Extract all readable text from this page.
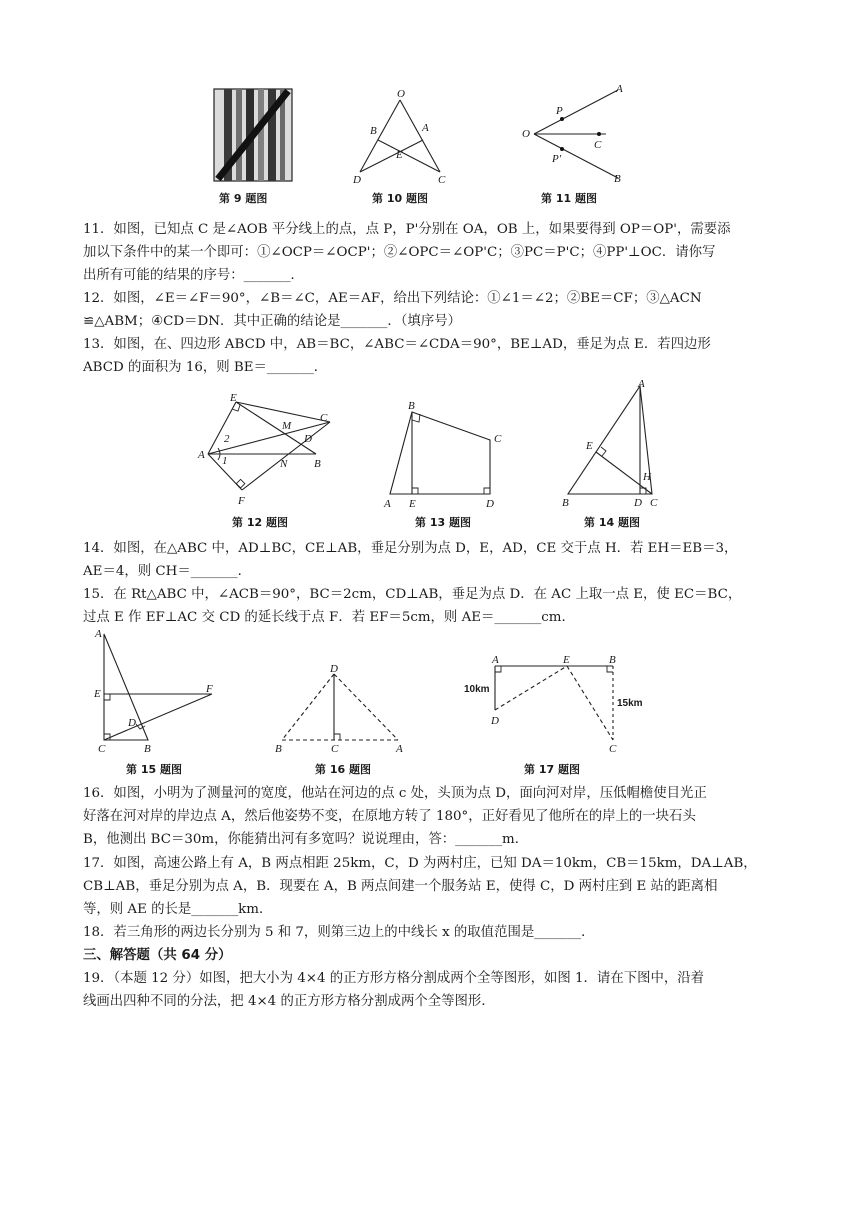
第 9 题图
O
B	A
E
D	C
第 10 题图
A
P
O
C
P'
B
第 11 题图
11．如图，已知点 C 是∠AOB 平分线上的点，点 P，P'分别在 OA，OB 上，如果要得到 OP＝OP'，需要添
加以下条件中的某一个即可：①∠OCP＝∠OCP'；②∠OPC＝∠OP'C；③PC＝P'C；④PP'⊥OC．请你写
出所有可能的结果的序号：_______．
12．如图，∠E＝∠F＝90°，∠B＝∠C，AE＝AF，给出下列结论：①∠1＝∠2；②BE＝CF；③△ACN
≌△ABM；④CD＝DN．其中正确的结论是_______．（填序号）
13．如图，在、四边形 ABCD 中，AB＝BC，∠ABC＝∠CDA＝90°，BE⊥AD，垂足为点 E．若四边形
ABCD 的面积为 16，则 BE＝_______．
E
M
C
2	D
A 1	N B
F
第 12 题图
B
C
A E	D
第 13 题图
A
E
H
B	D C
第 14 题图
14．如图，在△ABC 中，AD⊥BC，CE⊥AB，垂足分别为点 D，E，AD，CE 交于点 H．若 EH＝EB＝3，
AE＝4，则 CH＝_______．
15．在 Rt△ABC 中，∠ACB＝90°，BC＝2cm，CD⊥AB，垂足为点 D．在 AC 上取一点 E，使 EC＝BC，
过点 E 作 EF⊥AC 交 CD 的延长线于点 F．若 EF＝5cm，则 AE＝_______cm．
A
E	F
D
C	B
第 15 题图
D
B	C	A
第 16 题图
A	E	B
D
C
10km
15km
第 17 题图
16．如图，小明为了测量河的宽度，他站在河边的点 c 处，头顶为点 D，面向河对岸，压低帽檐使目光正
好落在河对岸的岸边点 A，然后他姿势不变，在原地方转了 180°，正好看见了他所在的岸上的一块石头
B，他测出 BC＝30m，你能猜出河有多宽吗？说说理由，答：_______m．
17．如图，高速公路上有 A，B 两点相距 25km，C，D 为两村庄，已知 DA＝10km，CB＝15km，DA⊥AB，
CB⊥AB，垂足分别为点 A，B．现要在 A，B 两点间建一个服务站 E，使得 C，D 两村庄到 E 站的距离相
等，则 AE 的长是_______km．
18．若三角形的两边长分别为 5 和 7，则第三边上的中线长 x 的取值范围是_______．
三、解答题（共 64 分）
19．（本题 12 分）如图，把大小为 4×4 的正方形方格分割成两个全等图形，如图 1．请在下图中，沿着
线画出四种不同的分法，把 4×4 的正方形方格分割成两个全等图形．
